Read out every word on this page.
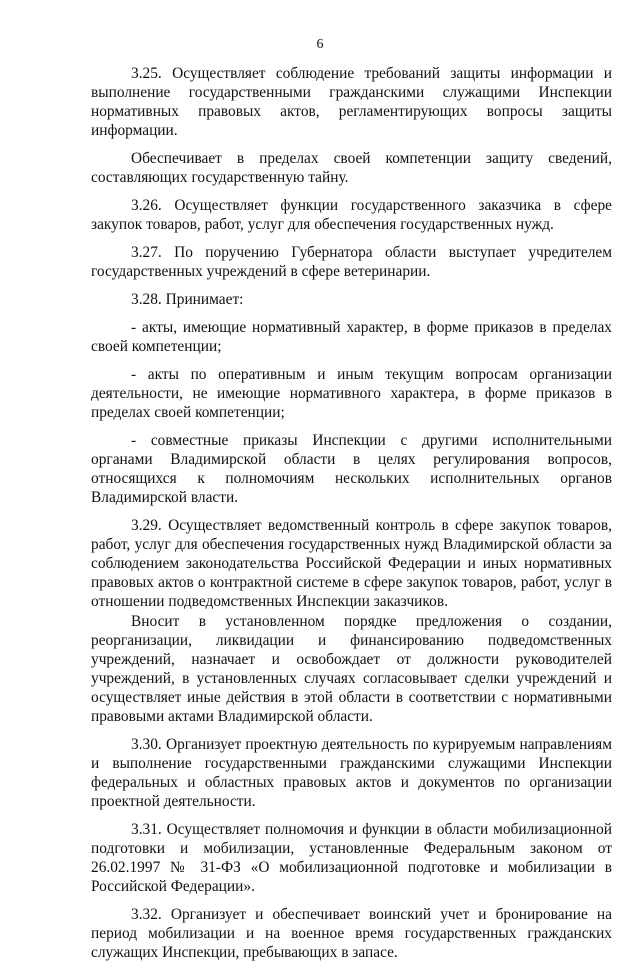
6

3.25. Осуществляет соблюдение требований защиты информации и выполнение государственными гражданскими служащими Инспекции нормативных правовых актов, регламентирующих вопросы защиты информации.

Обеспечивает в пределах своей компетенции защиту сведений, составляющих государственную тайну.

3.26. Осуществляет функции государственного заказчика в сфере закупок товаров, работ, услуг для обеспечения государственных нужд.

3.27. По поручению Губернатора области выступает учредителем государственных учреждений в сфере ветеринарии.

3.28. Принимает:

- акты, имеющие нормативный характер, в форме приказов в пределах своей компетенции;

- акты по оперативным и иным текущим вопросам организации деятельности, не имеющие нормативного характера, в форме приказов в пределах своей компетенции;

- совместные приказы Инспекции с другими исполнительными органами Владимирской области в целях регулирования вопросов, относящихся к полномочиям нескольких исполнительных органов Владимирской власти.

3.29. Осуществляет ведомственный контроль в сфере закупок товаров, работ, услуг для обеспечения государственных нужд Владимирской области за соблюдением законодательства Российской Федерации и иных нормативных правовых актов о контрактной системе в сфере закупок товаров, работ, услуг в отношении подведомственных Инспекции заказчиков.

Вносит в установленном порядке предложения о создании, реорганизации, ликвидации и финансированию подведомственных учреждений, назначает и освобождает от должности руководителей учреждений, в установленных случаях согласовывает сделки учреждений и осуществляет иные действия в этой области в соответствии с нормативными правовыми актами Владимирской области.

3.30. Организует проектную деятельность по курируемым направлениям и выполнение государственными гражданскими служащими Инспекции федеральных и областных правовых актов и документов по организации проектной деятельности.

3.31. Осуществляет полномочия и функции в области мобилизационной подготовки и мобилизации, установленные Федеральным законом от 26.02.1997 № 31-ФЗ «О мобилизационной подготовке и мобилизации в Российской Федерации».

3.32. Организует и обеспечивает воинский учет и бронирование на период мобилизации и на военное время государственных гражданских служащих Инспекции, пребывающих в запасе.
